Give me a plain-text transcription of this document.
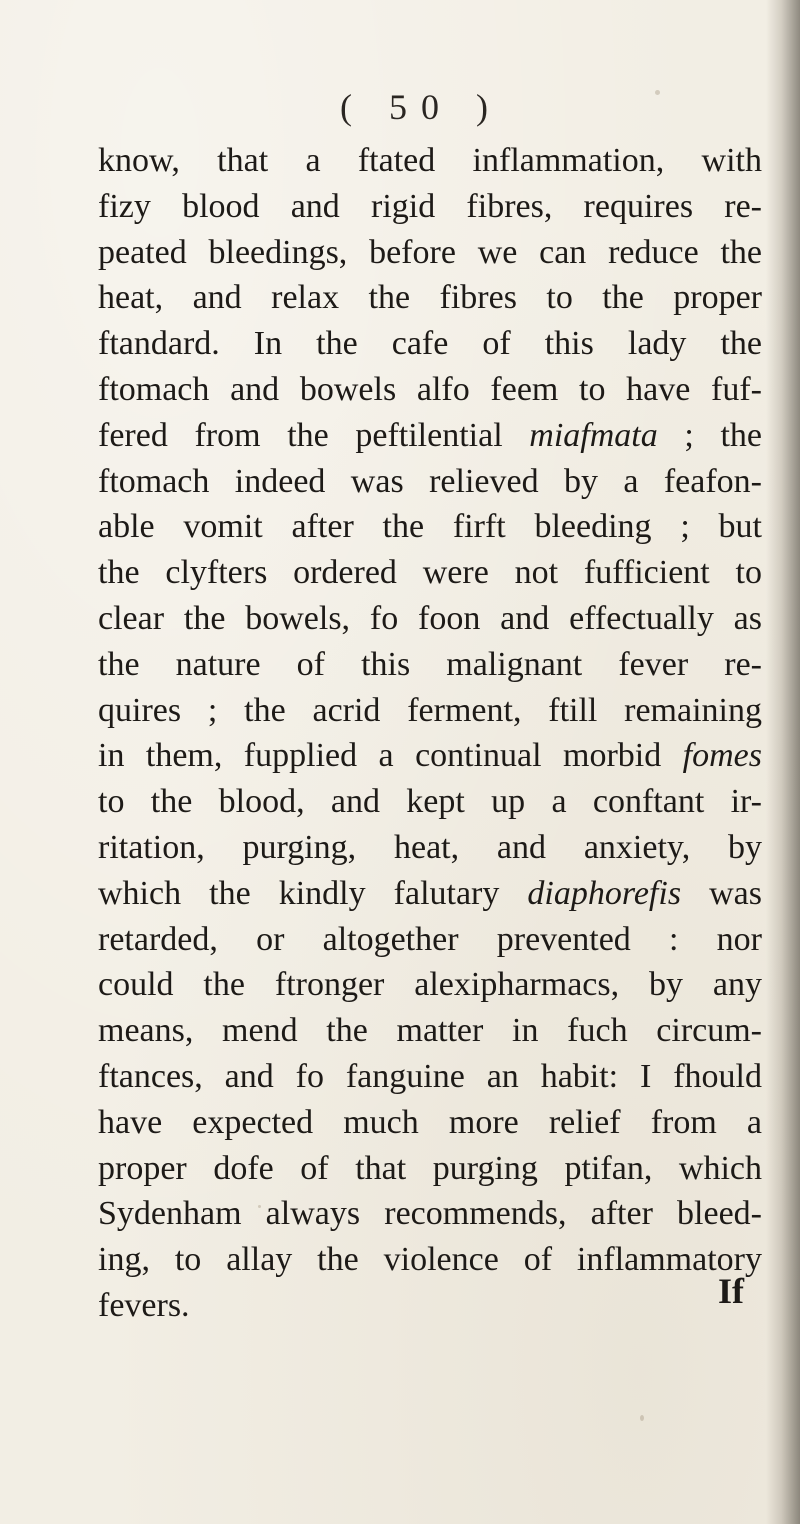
( 50 )
know, that a ftated inflammation, with
fizy blood and rigid fibres, requires re-
peated bleedings, before we can reduce the
heat, and relax the fibres to the proper
ftandard. In the cafe of this lady the
ftomach and bowels alfo feem to have fuf-
fered from the peftilential miafmata ; the
ftomach indeed was relieved by a feafon-
able vomit after the firft bleeding ; but
the clyfters ordered were not fufficient to
clear the bowels, fo foon and effectually as
the nature of this malignant fever re-
quires ; the acrid ferment, ftill remaining
in them, fupplied a continual morbid fomes
to the blood, and kept up a conftant ir-
ritation, purging, heat, and anxiety, by
which the kindly falutary diaphorefis was
retarded, or altogether prevented : nor
could the ftronger alexipharmacs, by any
means, mend the matter in fuch circum-
ftances, and fo fanguine an habit: I fhould
have expected much more relief from a
proper dofe of that purging ptifan, which
Sydenham always recommends, after bleed-
ing, to allay the violence of inflammatory
fevers.	If
